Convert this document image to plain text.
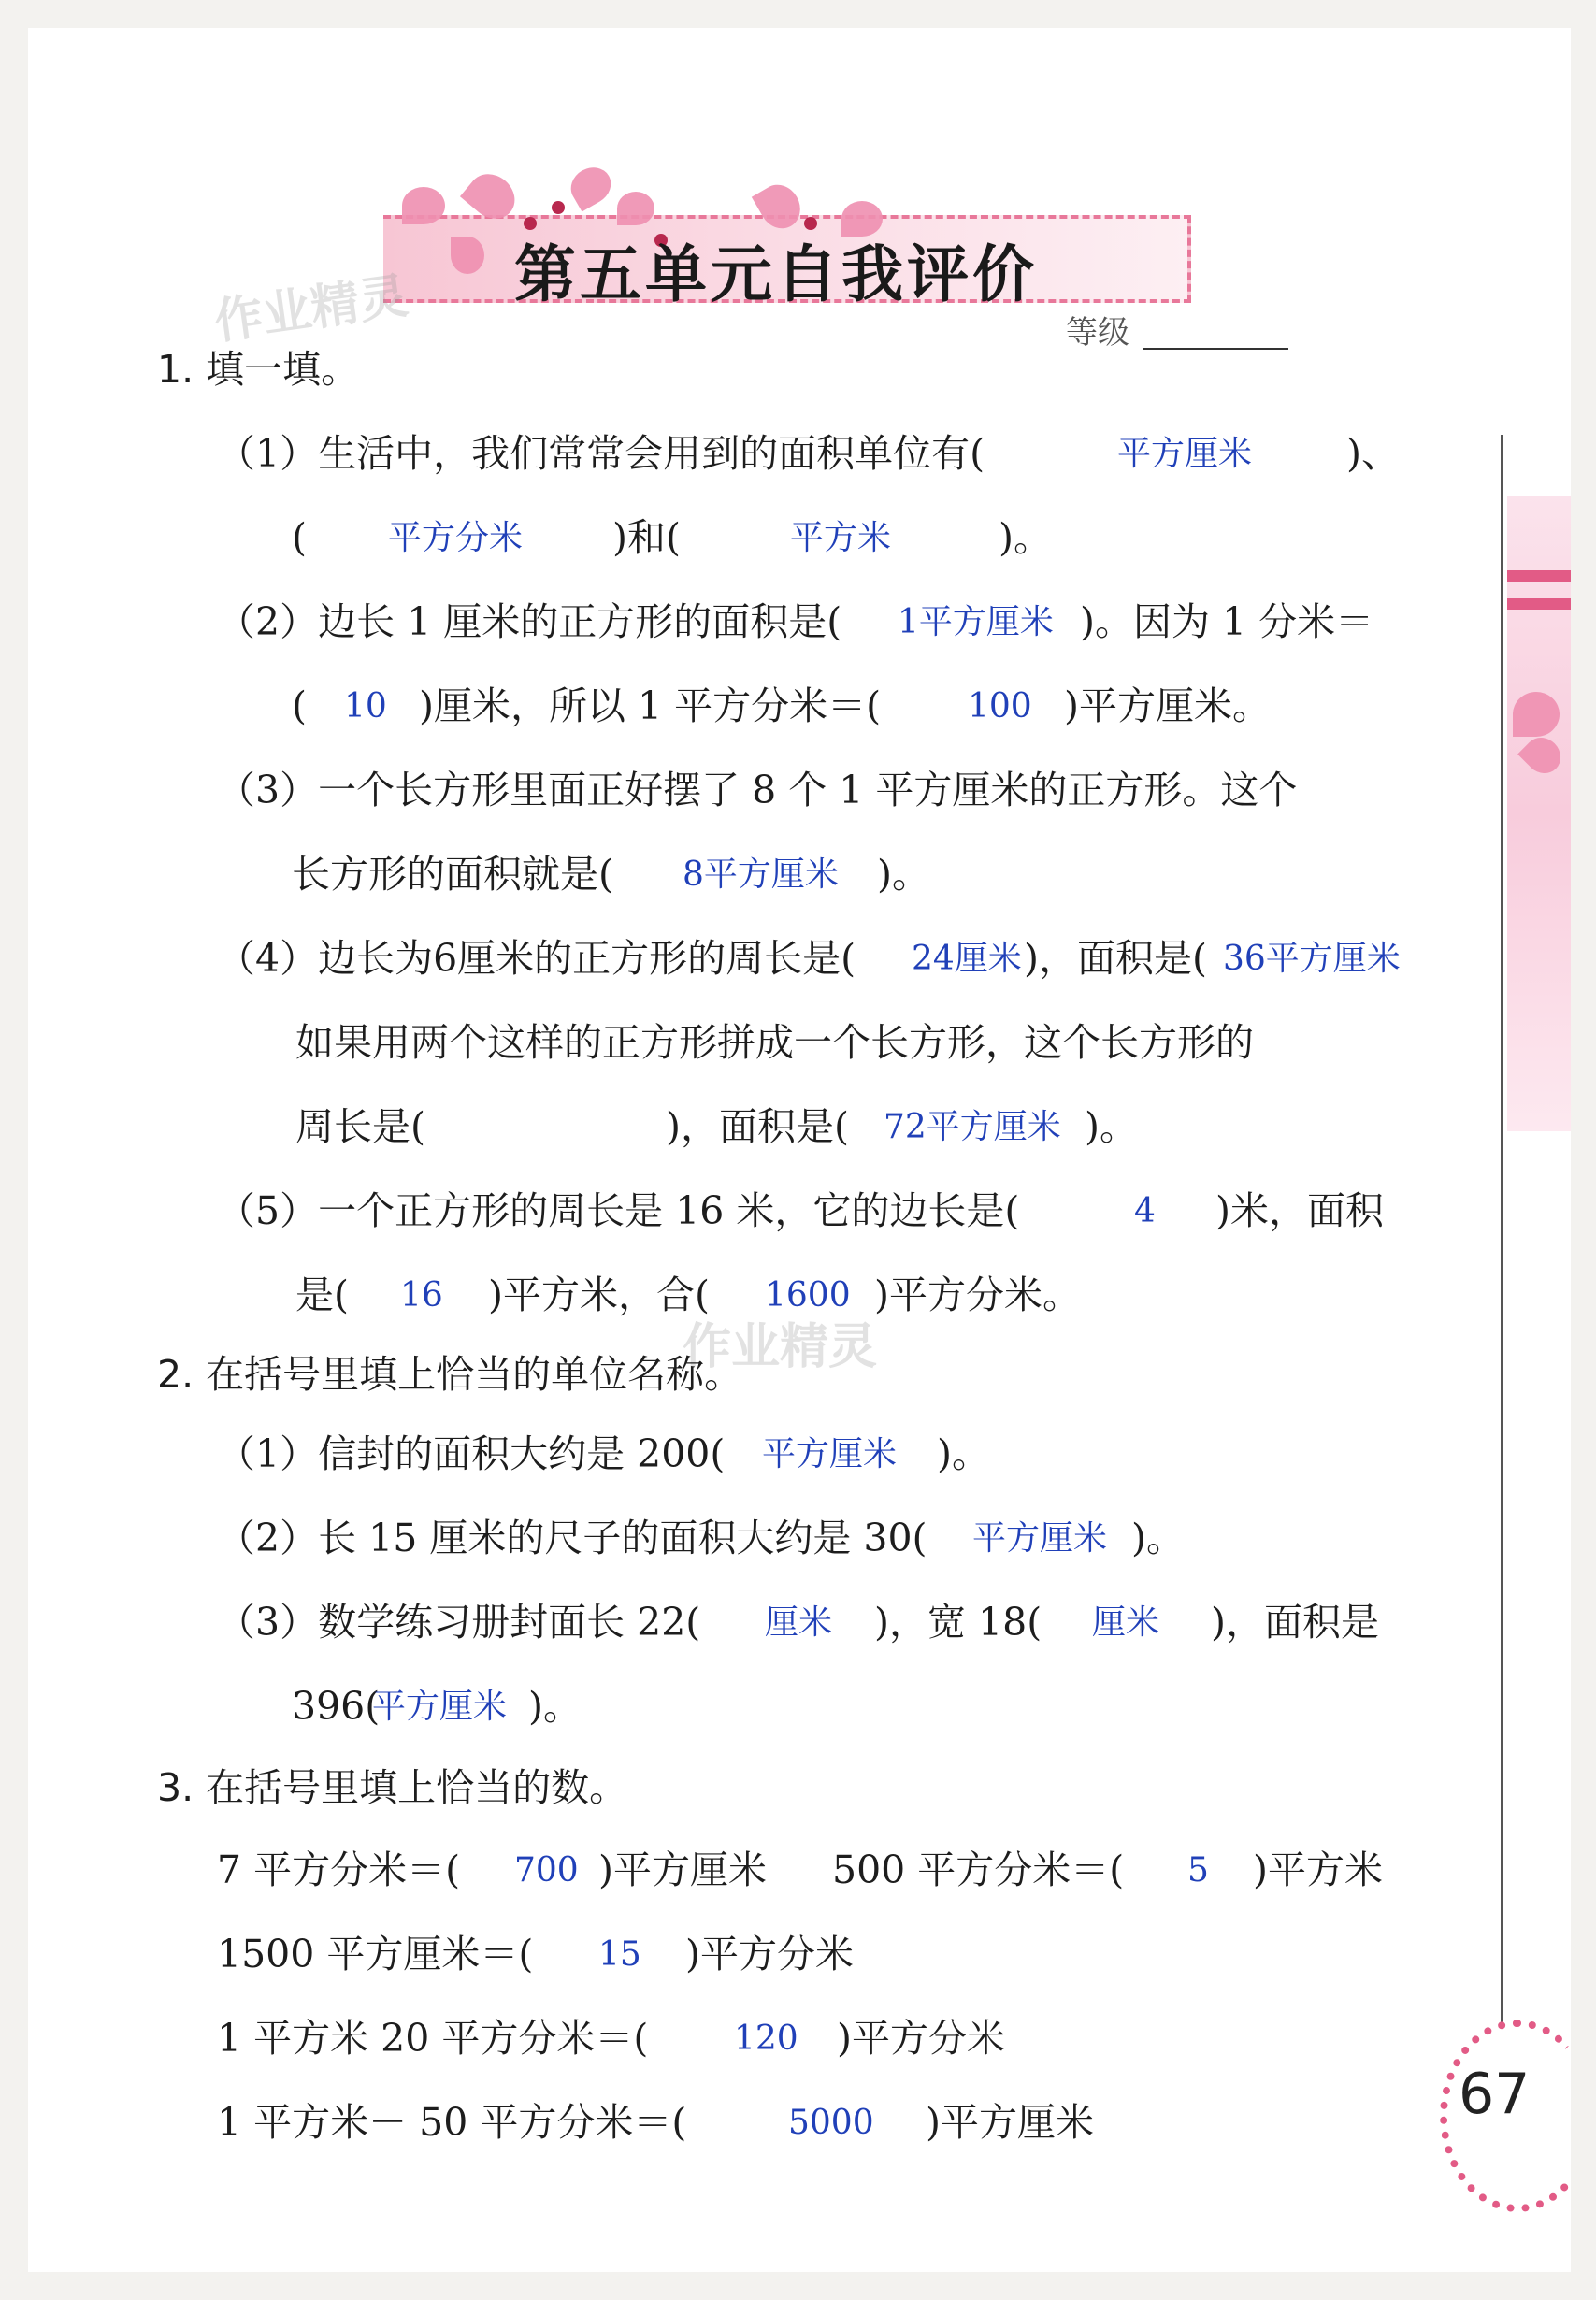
第五单元自我评价
等级
作业精灵
作业精灵
67
1. 填一填。
（1）生活中，我们常常会用到的面积单位有(	平方厘米 )、
( 平方分米 )和(	平方米	)。
（2）边长 1 厘米的正方形的面积是( 1平方厘米 )。因为 1 分米＝
( 10 )厘米，所以 1 平方分米＝(	100 )平方厘米。
（3）一个长方形里面正好摆了 8 个 1 平方厘米的正方形。这个
长方形的面积就是( 8平方厘米 )。
（4）边长为6厘米的正方形的周长是( 24厘米 )，面积是( 36平方厘米
如果用两个这样的正方形拼成一个长方形，这个长方形的
周长是(	)，面积是( 72平方厘米 )。
（5）一个正方形的周长是 16 米，它的边长是(	4 )米，面积
是( 16 )平方米，合( 1600 )平方分米。
2. 在括号里填上恰当的单位名称。
（1）信封的面积大约是 200( 平方厘米 )。
（2）长 15 厘米的尺子的面积大约是 30( 平方厘米 )。
（3）数学练习册封面长 22( 厘米 )，宽 18( 厘米 )，面积是
396(
平方厘米 )。
3. 在括号里填上恰当的数。
7 平方分米＝( 700 )平方厘米 500 平方分米＝( 5 )平方米
1500 平方厘米＝( 15 )平方分米
1 平方米 20 平方分米＝(	120 )平方分米
1 平方米－ 50 平方分米＝(	5000 )平方厘米
